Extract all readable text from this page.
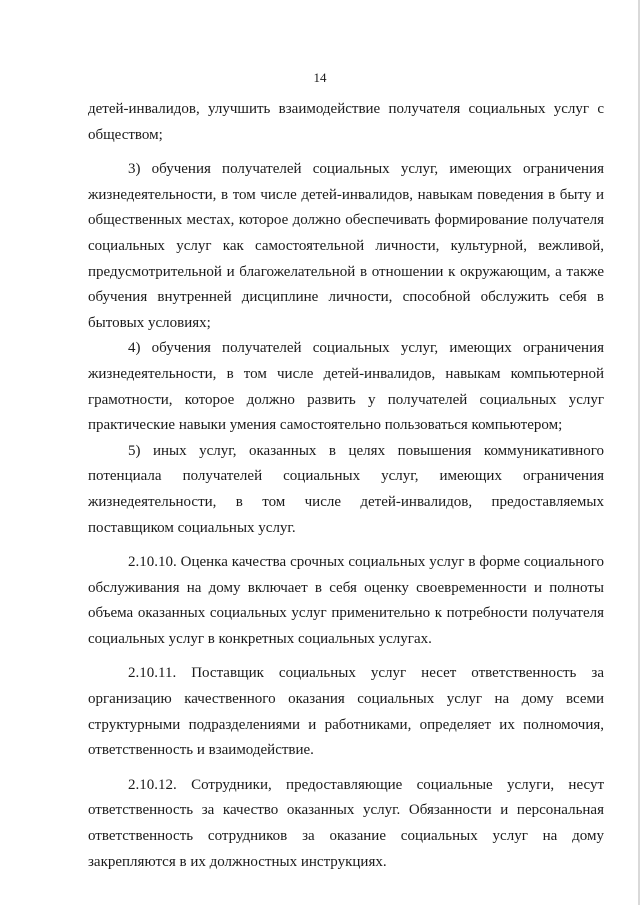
14

детей-инвалидов, улучшить взаимодействие получателя социальных услуг с обществом;

3) обучения получателей социальных услуг, имеющих ограничения жизнедеятельности, в том числе детей-инвалидов, навыкам поведения в быту и общественных местах, которое должно обеспечивать формирование получателя социальных услуг как самостоятельной личности, культурной, вежливой, предусмотрительной и благожелательной в отношении к окружающим, а также обучения внутренней дисциплине личности, способной обслужить себя в бытовых условиях;

4) обучения получателей социальных услуг, имеющих ограничения жизнедеятельности, в том числе детей-инвалидов, навыкам компьютерной грамотности, которое должно развить у получателей социальных услуг практические навыки умения самостоятельно пользоваться компьютером;

5) иных услуг, оказанных в целях повышения коммуникативного потенциала получателей социальных услуг, имеющих ограничения жизнедеятельности, в том числе детей-инвалидов, предоставляемых поставщиком социальных услуг.

2.10.10. Оценка качества срочных социальных услуг в форме социального обслуживания на дому включает в себя оценку своевременности и полноты объема оказанных социальных услуг применительно к потребности получателя социальных услуг в конкретных социальных услугах.

2.10.11. Поставщик социальных услуг несет ответственность за организацию качественного оказания социальных услуг на дому всеми структурными подразделениями и работниками, определяет их полномочия, ответственность и взаимодействие.

2.10.12. Сотрудники, предоставляющие социальные услуги, несут ответственность за качество оказанных услуг. Обязанности и персональная ответственность сотрудников за оказание социальных услуг на дому закрепляются в их должностных инструкциях.
